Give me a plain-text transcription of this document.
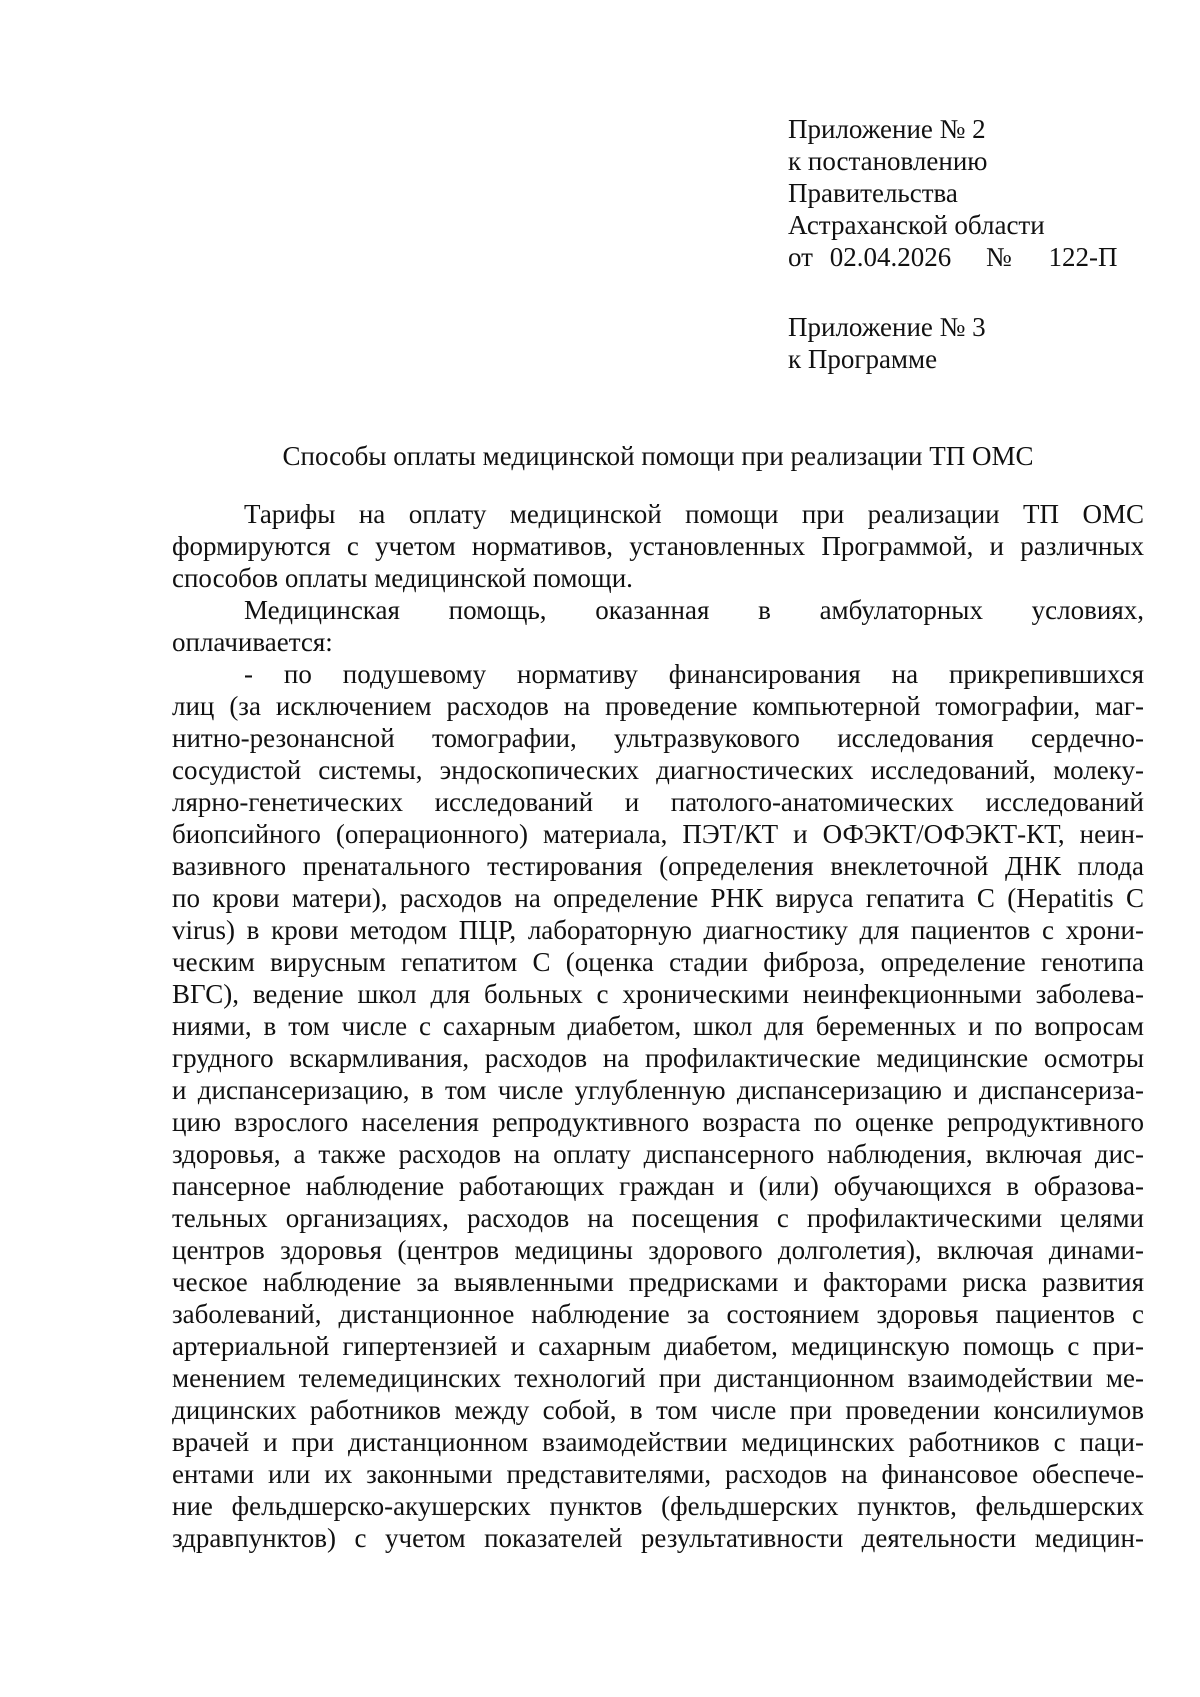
Приложение № 2
к постановлению
Правительства
Астраханской области
от 02.04.2026 № 122-П
Приложение № 3
к Программе
Способы оплаты медицинской помощи при реализации ТП ОМС
Тарифы на оплату медицинской помощи при реализации ТП ОМС
формируются с учетом нормативов, установленных Программой, и различных
способов оплаты медицинской помощи.
Медицинская помощь, оказанная в амбулаторных условиях,
оплачивается:
- по подушевому нормативу финансирования на прикрепившихся
лиц (за исключением расходов на проведение компьютерной томографии, маг-
нитно-резонансной томографии, ультразвукового исследования сердечно-
сосудистой системы, эндоскопических диагностических исследований, молеку-
лярно-генетических исследований и патолого-анатомических исследований
биопсийного (операционного) материала, ПЭТ/КТ и ОФЭКТ/ОФЭКТ-КТ, неин-
вазивного пренатального тестирования (определения внеклеточной ДНК плода
по крови матери), расходов на определение РНК вируса гепатита С (Hepatitis C
virus) в крови методом ПЦР, лабораторную диагностику для пациентов с хрони-
ческим вирусным гепатитом С (оценка стадии фиброза, определение генотипа
ВГС), ведение школ для больных с хроническими неинфекционными заболева-
ниями, в том числе с сахарным диабетом, школ для беременных и по вопросам
грудного вскармливания, расходов на профилактические медицинские осмотры
и диспансеризацию, в том числе углубленную диспансеризацию и диспансериза-
цию взрослого населения репродуктивного возраста по оценке репродуктивного
здоровья, а также расходов на оплату диспансерного наблюдения, включая дис-
пансерное наблюдение работающих граждан и (или) обучающихся в образова-
тельных организациях, расходов на посещения с профилактическими целями
центров здоровья (центров медицины здорового долголетия), включая динами-
ческое наблюдение за выявленными предрисками и факторами риска развития
заболеваний, дистанционное наблюдение за состоянием здоровья пациентов с
артериальной гипертензией и сахарным диабетом, медицинскую помощь с при-
менением телемедицинских технологий при дистанционном взаимодействии ме-
дицинских работников между собой, в том числе при проведении консилиумов
врачей и при дистанционном взаимодействии медицинских работников с паци-
ентами или их законными представителями, расходов на финансовое обеспече-
ние фельдшерско-акушерских пунктов (фельдшерских пунктов, фельдшерских
здравпунктов) с учетом показателей результативности деятельности медицин-
